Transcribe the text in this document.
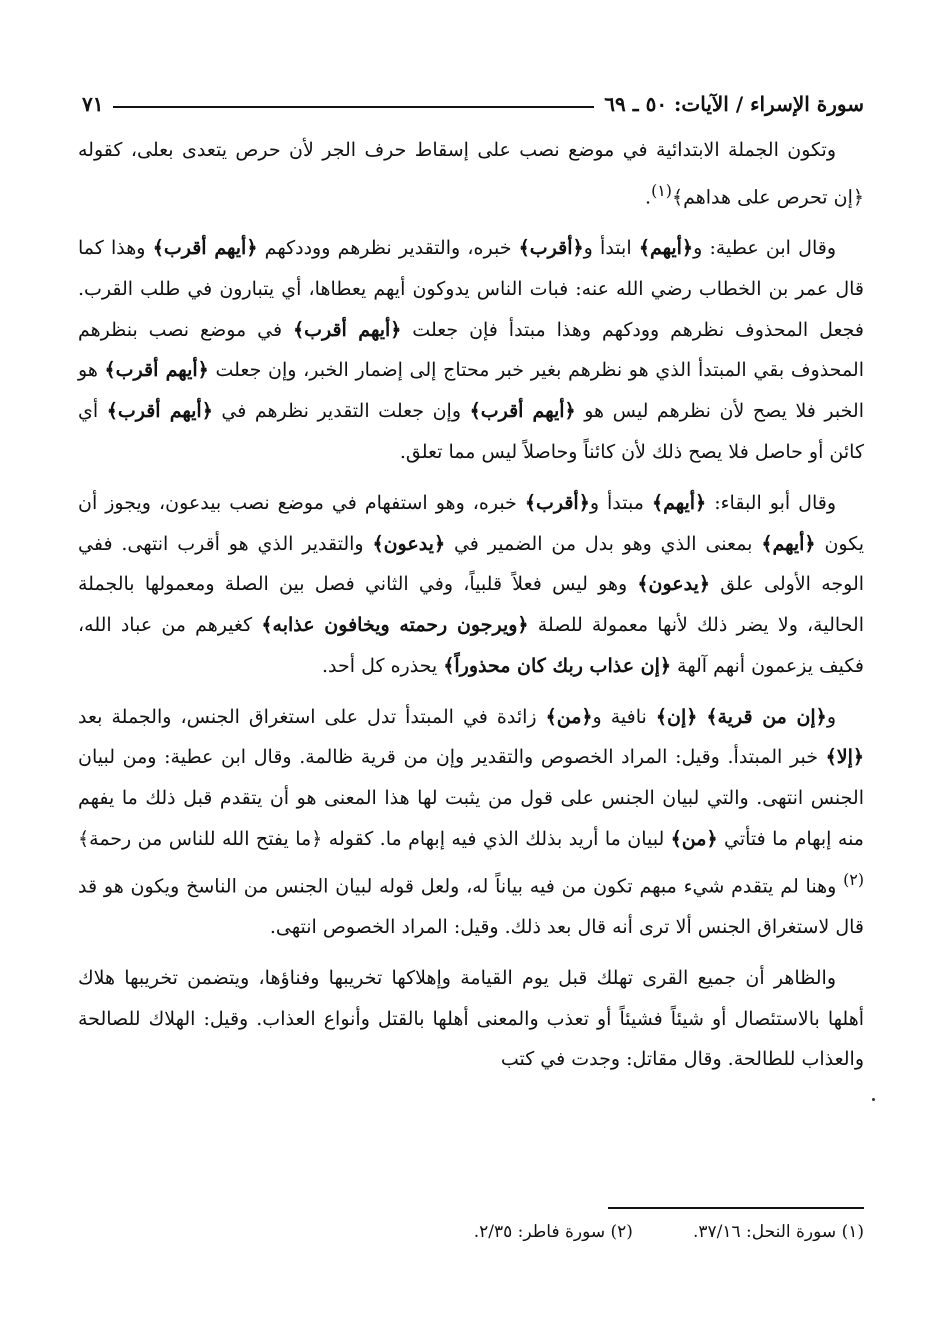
سورة الإسراء / الآيات: ٥٠ ـ ٦٩
٧١

وتكون الجملة الابتدائية في موضع نصب على إسقاط حرف الجر لأن حرص يتعدى بعلى، كقوله ﴿إن تحرص على هداهم﴾$^{(١)}$.

وقال ابن عطية: و﴿أيهم﴾ ابتدأ و﴿أقرب﴾ خبره، والتقدير نظرهم ووددكهم ﴿أيهم أقرب﴾ وهذا كما قال عمر بن الخطاب رضي الله عنه: فبات الناس يدوكون أيهم يعطاها، أي يتبارون في طلب القرب. فجعل المحذوف نظرهم وودكهم وهذا مبتدأ فإن جعلت ﴿أيهم أقرب﴾ في موضع نصب بنظرهم المحذوف بقي المبتدأ الذي هو نظرهم بغير خبر محتاج إلى إضمار الخبر، وإن جعلت ﴿أيهم أقرب﴾ هو الخبر فلا يصح لأن نظرهم ليس هو ﴿أيهم أقرب﴾ وإن جعلت التقدير نظرهم في ﴿أيهم أقرب﴾ أي كائن أو حاصل فلا يصح ذلك لأن كائناً وحاصلاً ليس مما تعلق.

وقال أبو البقاء: ﴿أيهم﴾ مبتدأ و﴿أقرب﴾ خبره، وهو استفهام في موضع نصب بيدعون، ويجوز أن يكون ﴿أيهم﴾ بمعنى الذي وهو بدل من الضمير في ﴿يدعون﴾ والتقدير الذي هو أقرب انتهى. ففي الوجه الأولى علق ﴿يدعون﴾ وهو ليس فعلاً قلبياً، وفي الثاني فصل بين الصلة ومعمولها بالجملة الحالية، ولا يضر ذلك لأنها معمولة للصلة ﴿ويرجون رحمته ويخافون عذابه﴾ كغيرهم من عباد الله، فكيف يزعمون أنهم آلهة ﴿إن عذاب ربك كان محذوراً﴾ يحذره كل أحد.

و﴿إن من قرية﴾ ﴿إن﴾ نافية و﴿من﴾ زائدة في المبتدأ تدل على استغراق الجنس، والجملة بعد ﴿إلا﴾ خبر المبتدأ. وقيل: المراد الخصوص والتقدير وإن من قرية ظالمة. وقال ابن عطية: ومن لبيان الجنس انتهى. والتي لبيان الجنس على قول من يثبت لها هذا المعنى هو أن يتقدم قبل ذلك ما يفهم منه إبهام ما فتأتي ﴿من﴾ لبيان ما أريد بذلك الذي فيه إبهام ما. كقوله ﴿ما يفتح الله للناس من رحمة﴾$^{(٢)}$ وهنا لم يتقدم شيء مبهم تكون من فيه بياناً له، ولعل قوله لبيان الجنس من الناسخ ويكون هو قد قال لاستغراق الجنس ألا ترى أنه قال بعد ذلك. وقيل: المراد الخصوص انتهى.

والظاهر أن جميع القرى تهلك قبل يوم القيامة وإهلاكها تخريبها وفناؤها، ويتضمن تخريبها هلاك أهلها بالاستئصال أو شيئاً فشيئاً أو تعذب والمعنى أهلها بالقتل وأنواع العذاب. وقيل: الهلاك للصالحة والعذاب للطالحة. وقال مقاتل: وجدت في كتب

(١) سورة النحل: ٣٧/١٦.
(٢) سورة فاطر: ٢/٣٥.
